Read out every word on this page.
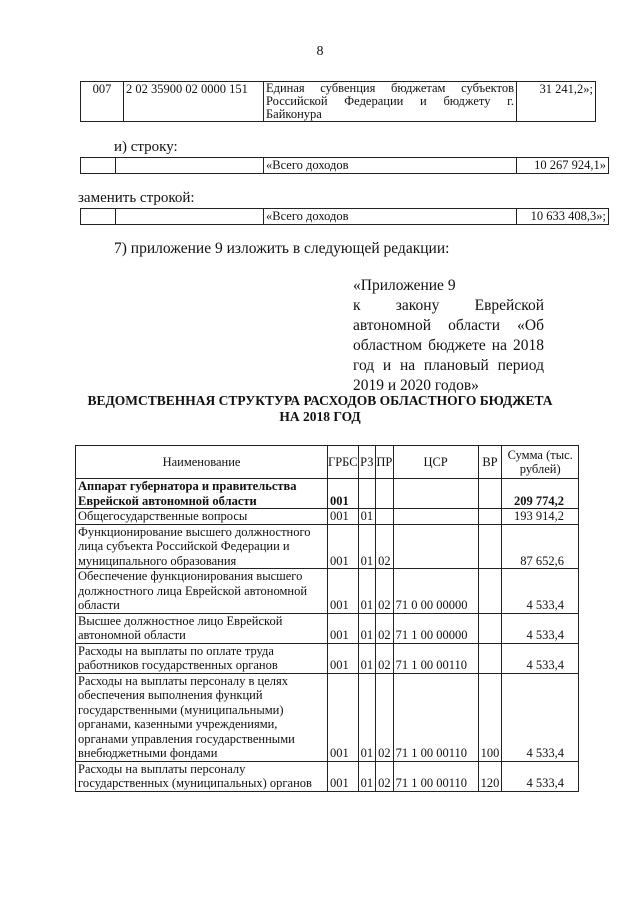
8
007	2 02 35900 02 0000 151	Единая субвенция бюджетам субъектов Российской Федерации и бюджету г. Байконура	31 241,2»;
и) строку:
		«Всего доходов	10 267 924,1»
заменить строкой:
		«Всего доходов	10 633 408,3»;
7) приложение 9 изложить в следующей редакции:
«Приложение 9
к закону Еврейской
автономной области «Об
областном бюджете на 2018
год и на плановый период
2019 и 2020 годов»
ВЕДОМСТВЕННАЯ СТРУКТУРА РАСХОДОВ ОБЛАСТНОГО БЮДЖЕТА
НА 2018 ГОД
Наименование	ГРБС	РЗ	ПР	ЦСР	ВР	Сумма (тыс. рублей)
Аппарат губернатора и правительства Еврейской автономной области	001					209 774,2
Общегосударственные вопросы	001	01				193 914,2
Функционирование высшего должностного лица субъекта Российской Федерации и муниципального образования	001	01	02			87 652,6
Обеспечение функционирования высшего должностного лица Еврейской автономной области	001	01	02	71 0 00 00000		4 533,4
Высшее должностное лицо Еврейской автономной области	001	01	02	71 1 00 00000		4 533,4
Расходы на выплаты по оплате труда работников государственных органов	001	01	02	71 1 00 00110		4 533,4
Расходы на выплаты персоналу в целях обеспечения выполнения функций государственными (муниципальными) органами, казенными учреждениями, органами управления государственными внебюджетными фондами	001	01	02	71 1 00 00110	100	4 533,4
Расходы на выплаты персоналу государственных (муниципальных) органов	001	01	02	71 1 00 00110	120	4 533,4
